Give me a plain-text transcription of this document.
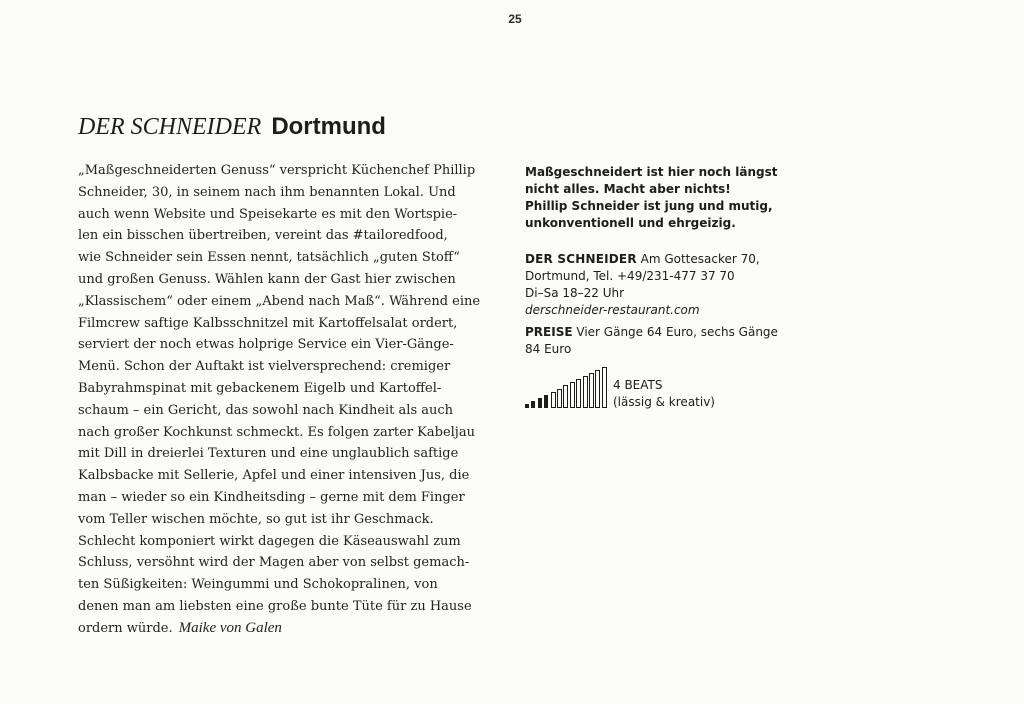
25
DER SCHNEIDER Dortmund
„Maßgeschneiderten Genuss“ verspricht Küchenchef Phillip
Schneider, 30, in seinem nach ihm benannten Lokal. Und
auch wenn Website und Speisekarte es mit den Wortspie-
len ein bisschen übertreiben, vereint das #tailoredfood,
wie Schneider sein Essen nennt, tatsächlich „guten Stoff“
und großen Genuss. Wählen kann der Gast hier zwischen
„Klassischem“ oder einem „Abend nach Maß“. Während eine
Filmcrew saftige Kalbsschnitzel mit Kartoffelsalat ordert,
serviert der noch etwas holprige Service ein Vier-Gänge-
Menü. Schon der Auftakt ist vielversprechend: cremiger
Babyrahmspinat mit gebackenem Eigelb und Kartoffel-
schaum – ein Gericht, das sowohl nach Kindheit als auch
nach großer Kochkunst schmeckt. Es folgen zarter Kabeljau
mit Dill in dreierlei Texturen und eine unglaublich saftige
Kalbsbacke mit Sellerie, Apfel und einer intensiven Jus, die
man – wieder so ein Kindheitsding – gerne mit dem Finger
vom Teller wischen möchte, so gut ist ihr Geschmack.
Schlecht komponiert wirkt dagegen die Käseauswahl zum
Schluss, versöhnt wird der Magen aber von selbst gemach-
ten Süßigkeiten: Weingummi und Schokopralinen, von
denen man am liebsten eine große bunte Tüte für zu Hause
ordern würde. Maike von Galen
Maßgeschneidert ist hier noch längst
nicht alles. Macht aber nichts!
Phillip Schneider ist jung und mutig,
unkonventionell und ehrgeizig.
DER SCHNEIDER Am Gottesacker 70,
Dortmund, Tel. +49/231-477 37 70
Di–Sa 18–22 Uhr
derschneider-restaurant.com
PREISE Vier Gänge 64 Euro, sechs Gänge
84 Euro
4 BEATS
(lässig & kreativ)
